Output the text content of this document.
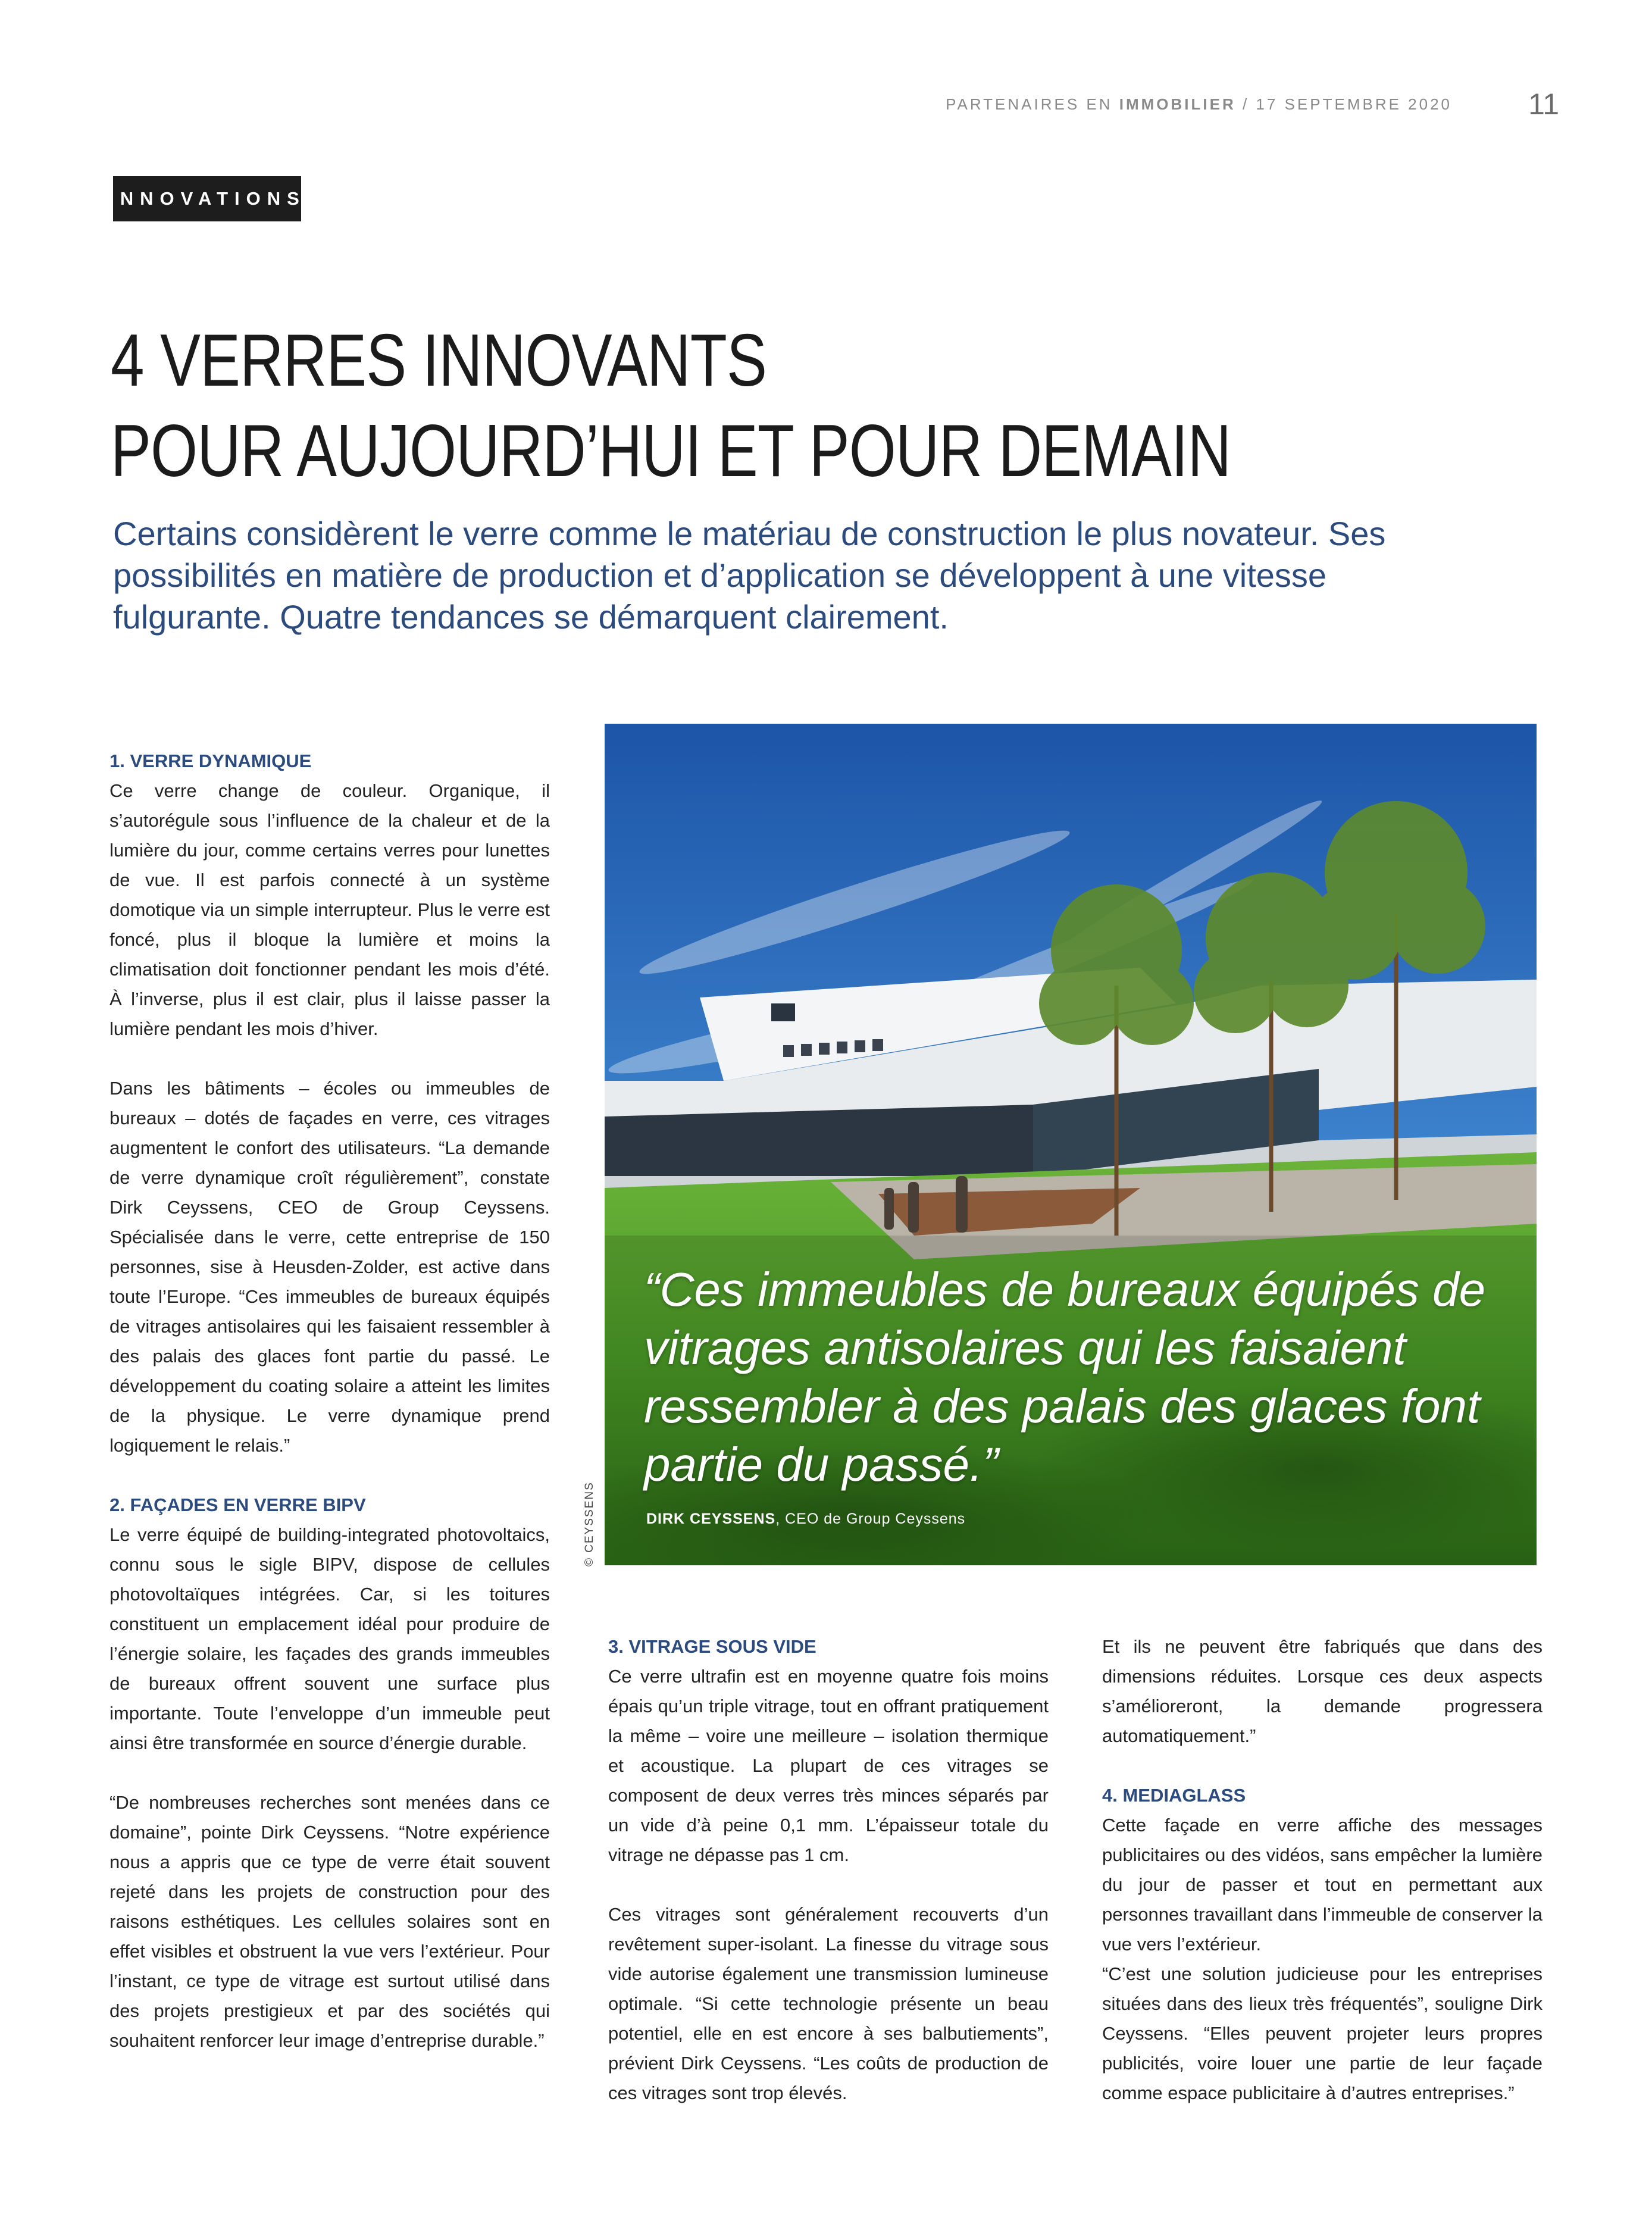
PARTENAIRES EN IMMOBILIER / 17 SEPTEMBRE 2020	11
INNOVATIONS
4 VERRES INNOVANTS
POUR AUJOURD’HUI ET POUR DEMAIN
Certains considèrent le verre comme le matériau de construction le plus novateur. Ses possibilités en matière de production et d’application se développent à une vitesse fulgurante. Quatre tendances se démarquent clairement.
1. VERRE DYNAMIQUE

Ce verre change de couleur. Organique, il s’autorégule sous l’influence de la chaleur et de la lumière du jour, comme certains verres pour lunettes de vue. Il est parfois connecté à un système domotique via un simple interrupteur. Plus le verre est foncé, plus il bloque la lumière et moins la climatisation doit fonctionner pendant les mois d’été. À l’inverse, plus il est clair, plus il laisse passer la lumière pendant les mois d’hiver.

Dans les bâtiments – écoles ou immeubles de bureaux – dotés de façades en verre, ces vitrages augmentent le confort des utilisateurs. “La demande de verre dynamique croît régulièrement”, constate Dirk Ceyssens, CEO de Group Ceyssens. Spécialisée dans le verre, cette entreprise de 150 personnes, sise à Heusden-Zolder, est active dans toute l’Europe. “Ces immeubles de bureaux équipés de vitrages antisolaires qui les faisaient ressembler à des palais des glaces font partie du passé. Le développement du coating solaire a atteint les limites de la physique. Le verre dynamique prend logiquement le relais.”

2. FAÇADES EN VERRE BIPV

Le verre équipé de building-integrated photovoltaics, connu sous le sigle BIPV, dispose de cellules photovoltaïques intégrées. Car, si les toitures constituent un emplacement idéal pour produire de l’énergie solaire, les façades des grands immeubles de bureaux offrent souvent une surface plus importante. Toute l’enveloppe d’un immeuble peut ainsi être transformée en source d’énergie durable.

“De nombreuses recherches sont menées dans ce domaine”, pointe Dirk Ceyssens. “Notre expérience nous a appris que ce type de verre était souvent rejeté dans les projets de construction pour des raisons esthétiques. Les cellules solaires sont en effet visibles et obstruent la vue vers l’extérieur. Pour l’instant, ce type de vitrage est surtout utilisé dans des projets prestigieux et par des sociétés qui souhaitent renforcer leur image d’entreprise durable.”

“Ces immeubles de bureaux équipés de vitrages antisolaires qui les faisaient ressembler à des palais des glaces font partie du passé.”
DIRK CEYSSENS, CEO de Group Ceyssens
© CEYSSENS
3. VITRAGE SOUS VIDE

Ce verre ultrafin est en moyenne quatre fois moins épais qu’un triple vitrage, tout en offrant pratiquement la même – voire une meilleure – isolation thermique et acoustique. La plupart de ces vitrages se composent de deux verres très minces séparés par un vide d’à peine 0,1 mm. L’épaisseur totale du vitrage ne dépasse pas 1 cm.

Ces vitrages sont généralement recouverts d’un revêtement super-isolant. La finesse du vitrage sous vide autorise également une transmission lumineuse optimale. “Si cette technologie présente un beau potentiel, elle en est encore à ses balbutiements”, prévient Dirk Ceyssens. “Les coûts de production de ces vitrages sont trop élevés.

Et ils ne peuvent être fabriqués que dans des dimensions réduites. Lorsque ces deux aspects s’amélioreront, la demande progressera automatiquement.”

4. MEDIAGLASS

Cette façade en verre affiche des messages publicitaires ou des vidéos, sans empêcher la lumière du jour de passer et tout en permettant aux personnes travaillant dans l’immeuble de conserver la vue vers l’extérieur.

“C’est une solution judicieuse pour les entreprises situées dans des lieux très fréquentés”, souligne Dirk Ceyssens. “Elles peuvent projeter leurs propres publicités, voire louer une partie de leur façade comme espace publicitaire à d’autres entreprises.”
